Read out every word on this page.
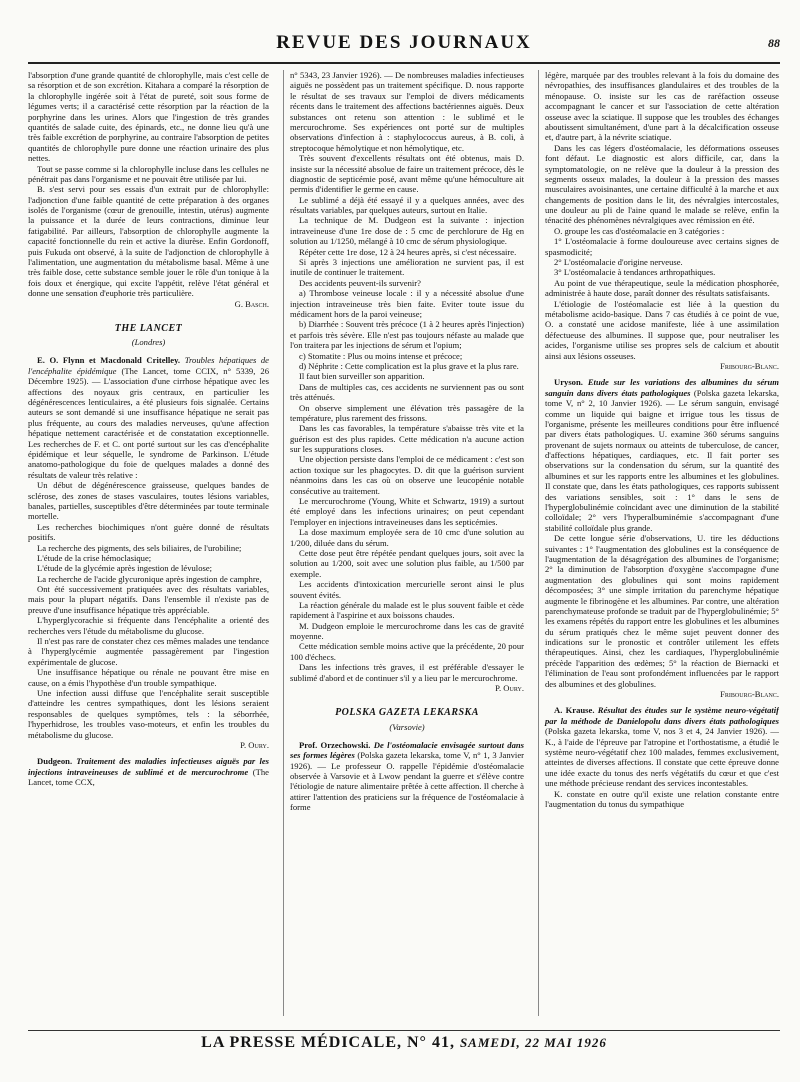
REVUE DES JOURNAUX	88

l'absorption d'une grande quantité de chlorophylle, mais c'est celle de sa résorption et de son excrétion. Kitahara a comparé la résorption de la chlorophylle ingérée soit à l'état de pureté, soit sous forme de légumes verts; il a caractérisé cette résorption par la réaction de la porphyrine dans les urines. Alors que l'ingestion de très grandes quantités de salade cuite, des épinards, etc., ne donne lieu qu'à une très faible excrétion de porphyrine, au contraire l'absorption de petites quantités de chlorophylle pure donne une réaction urinaire des plus nettes.

Tout se passe comme si la chlorophylle incluse dans les cellules ne pénétrait pas dans l'organisme et ne pouvait être utilisée par lui.

B. s'est servi pour ses essais d'un extrait pur de chlorophylle: l'adjonction d'une faible quantité de cette préparation à des organes isolés de l'organisme (cœur de grenouille, intestin, utérus) augmente la puissance et la durée de leurs contractions, diminue leur fatigabilité. Par ailleurs, l'absorption de chlorophylle augmente la capacité fonctionnelle du rein et active la diurèse. Enfin Gordonoff, puis Fukuda ont observé, à la suite de l'adjonction de chlorophylle à l'alimentation, une augmentation du métabolisme basal. Même à une très faible dose, cette substance semble jouer le rôle d'un tonique à la fois doux et énergique, qui excite l'appétit, relève l'état général et donne une sensation d'euphorie très particulière.

G. Basch.
THE LANCET
(Londres)

E. O. Flynn et Macdonald Critelley. Troubles hépatiques de l'encéphalite épidémique (The Lancet, tome CCIX, n° 5339, 26 Décembre 1925). — L'association d'une cirrhose hépatique avec les affections des noyaux gris centraux, en particulier les dégénérescences lenticulaires, a été plusieurs fois signalée. Certains auteurs se sont demandé si une insuffisance hépatique ne serait pas plus fréquente, au cours des maladies nerveuses, qu'une affection hépatique nettement caractérisée et de constatation exceptionnelle. Les recherches de F. et C. ont porté surtout sur les cas d'encéphalite épidémique et leur séquelle, le syndrome de Parkinson. L'étude anatomo-pathologique du foie de quelques malades a donné des résultats de valeur très relative :

Un début de dégénérescence graisseuse, quelques bandes de sclérose, des zones de stases vasculaires, toutes lésions variables, banales, partielles, susceptibles d'être déterminées par toute terminale mortelle.

Les recherches biochimiques n'ont guère donné de résultats positifs.

La recherche des pigments, des sels biliaires, de l'urobiline;

L'étude de la crise hémoclasique;

L'étude de la glycémie après ingestion de lévulose;

La recherche de l'acide glycuronique après ingestion de camphre,

Ont été successivement pratiquées avec des résultats variables, mais pour la plupart négatifs. Dans l'ensemble il n'existe pas de preuve d'une insuffisance hépatique très appréciable.

L'hyperglycorachie si fréquente dans l'encéphalite a orienté des recherches vers l'étude du métabolisme du glucose.

Il n'est pas rare de constater chez ces mêmes malades une tendance à l'hyperglycémie augmentée passagèrement par l'ingestion expérimentale de glucose.

Une insuffisance hépatique ou rénale ne pouvant être mise en cause, on a émis l'hypothèse d'un trouble sympathique.

Une infection aussi diffuse que l'encéphalite serait susceptible d'atteindre les centres sympathiques, dont les lésions seraient responsables de quelques symptômes, tels : la séborrhée, l'hyperhidrose, les troubles vaso-moteurs, et enfin les troubles du métabolisme du glucose.

P. Oury.

Dudgeon. Traitement des maladies infectieuses aiguës par les injections intraveineuses de sublimé et de mercurochrome (The Lancet, tome CCX,

n° 5343, 23 Janvier 1926). — De nombreuses maladies infectieuses aiguës ne possèdent pas un traitement spécifique. D. nous rapporte le résultat de ses travaux sur l'emploi de divers médicaments récents dans le traitement des affections bactériennes aiguës. Deux substances ont retenu son attention : le sublimé et le mercurochrome. Ses expériences ont porté sur de multiples observations d'infection à : staphylococcus aureus, à B. coli, à streptocoque hémolytique et non hémolytique, etc.

Très souvent d'excellents résultats ont été obtenus, mais D. insiste sur la nécessité absolue de faire un traitement précoce, dès le diagnostic de septicémie posé, avant même qu'une hémoculture ait permis d'identifier le germe en cause.

Le sublimé a déjà été essayé il y a quelques années, avec des résultats variables, par quelques auteurs, surtout en Italie.

La technique de M. Dudgeon est la suivante : injection intraveineuse d'une 1re dose de : 5 cmc de perchlorure de Hg en solution au 1/1250, mélangé à 10 cmc de sérum physiologique.

Répéter cette 1re dose, 12 à 24 heures après, si c'est nécessaire.

Si après 3 injections une amélioration ne survient pas, il est inutile de continuer le traitement.

Des accidents peuvent-ils survenir?

a) Thrombose veineuse locale : il y a nécessité absolue d'une injection intraveineuse très bien faite. Eviter toute issue du médicament hors de la paroi veineuse;

b) Diarrhée : Souvent très précoce (1 à 2 heures après l'injection) et parfois très sévère. Elle n'est pas toujours néfaste au malade que l'on traitera par les injections de sérum et l'opium;

c) Stomatite : Plus ou moins intense et précoce;

d) Néphrite : Cette complication est la plus grave et la plus rare.

Il faut bien surveiller son apparition.

Dans de multiples cas, ces accidents ne surviennent pas ou sont très atténués.

On observe simplement une élévation très passagère de la température, plus rarement des frissons.

Dans les cas favorables, la température s'abaisse très vite et la guérison est des plus rapides. Cette médication n'a aucune action sur les suppurations closes.

Une objection persiste dans l'emploi de ce médicament : c'est son action toxique sur les phagocytes. D. dit que la guérison survient néanmoins dans les cas où on observe une leucopénie notable consécutive au traitement.

Le mercurochrome (Young, White et Schwartz, 1919) a surtout été employé dans les infections urinaires; on peut cependant l'employer en injections intraveineuses dans les septicémies.

La dose maximum employée sera de 10 cmc d'une solution au 1/200, diluée dans du sérum.

Cette dose peut être répétée pendant quelques jours, soit avec la solution au 1/200, soit avec une solution plus faible, au 1/500 par exemple.

Les accidents d'intoxication mercurielle seront ainsi le plus souvent évités.

La réaction générale du malade est le plus souvent faible et cède rapidement à l'aspirine et aux boissons chaudes.

M. Dudgeon emploie le mercurochrome dans les cas de gravité moyenne.

Cette médication semble moins active que la précédente, 20 pour 100 d'échecs.

Dans les infections très graves, il est préférable d'essayer le sublimé d'abord et de continuer s'il y a lieu par le mercurochrome.

P. Oury.
POLSKA GAZETA LEKARSKA
(Varsovie)

Prof. Orzechowski. De l'ostéomalacie envisagée surtout dans ses formes légères (Polska gazeta lekarska, tome V, n° 1, 3 Janvier 1926). — Le professeur O. rappelle l'épidémie d'ostéomalacie observée à Varsovie et à Lwow pendant la guerre et s'élève contre l'étiologie de nature alimentaire prêtée à cette affection. Il cherche à attirer l'attention des praticiens sur la fréquence de l'ostéomalacie à forme

légère, marquée par des troubles relevant à la fois du domaine des névropathies, des insuffisances glandulaires et des troubles de la ménopause. O. insiste sur les cas de raréfaction osseuse accompagnant le cancer et sur l'association de cette altération osseuse avec la sciatique. Il suppose que les troubles des échanges aboutissent simultanément, d'une part à la décalcification osseuse et, d'autre part, à la névrite sciatique.

Dans les cas légers d'ostéomalacie, les déformations osseuses font défaut. Le diagnostic est alors difficile, car, dans la symptomatologie, on ne relève que la douleur à la pression des segments osseux malades, la douleur à la pression des masses musculaires avoisinantes, une certaine difficulté à la marche et aux changements de position dans le lit, des névralgies intercostales, une douleur au pli de l'aine quand le malade se relève, enfin la ténacité des phénomènes névralgiques avec rémission en été.

O. groupe les cas d'ostéomalacie en 3 catégories :

1° L'ostéomalacie à forme douloureuse avec certains signes de spasmodicité;

2° L'ostéomalacie d'origine nerveuse.

3° L'ostéomalacie à tendances arthropathiques.

Au point de vue thérapeutique, seule la médication phosphorée, administrée à haute dose, paraît donner des résultats satisfaisants.

L'étiologie de l'ostéomalacie est liée à la question du métabolisme acido-basique. Dans 7 cas étudiés à ce point de vue, O. a constaté une acidose manifeste, liée à une assimilation défectueuse des albumines. Il suppose que, pour neutraliser les acides, l'organisme utilise ses propres sels de calcium et aboutit ainsi aux lésions osseuses.

Fribourg-Blanc.

Uryson. Etude sur les variations des albumines du sérum sanguin dans divers états pathologiques (Polska gazeta lekarska, tome V, n° 2, 10 Janvier 1926). — Le sérum sanguin, envisagé comme un liquide qui baigne et irrigue tous les tissus de l'organisme, présente les meilleures conditions pour être influencé par divers états pathologiques. U. examine 360 sérums sanguins provenant de sujets normaux ou atteints de tuberculose, de cancer, d'affections hépatiques, cardiaques, etc. Il fait porter ses observations sur la condensation du sérum, sur la quantité des albumines et sur les rapports entre les albumines et les globulines. Il constate que, dans les états pathologiques, ces rapports subissent des variations sensibles, soit : 1° dans le sens de l'hyperglobulinémie coïncidant avec une diminution de la stabilité colloïdale; 2° vers l'hyperalbuminémie s'accompagnant d'une stabilité colloïdale plus grande.

De cette longue série d'observations, U. tire les déductions suivantes : 1° l'augmentation des globulines est la conséquence de l'augmentation de la désagrégation des albumines de l'organisme; 2° la diminution de l'absorption d'oxygène s'accompagne d'une augmentation des globulines qui sont moins rapidement décomposées; 3° une simple irritation du parenchyme hépatique augmente le fibrinogène et les albumines. Par contre, une altération parenchymateuse profonde se traduit par de l'hyperglobulinémie; 5° les examens répétés du rapport entre les globulines et les albumines du sérum pratiqués chez le même sujet peuvent donner des indications sur le pronostic et contrôler utilement les effets thérapeutiques. Ainsi, chez les cardiaques, l'hyperglobulinémie précède l'apparition des œdèmes; 5° la réaction de Biernacki et l'élimination de l'eau sont profondément influencées par le rapport des albumines et des globulines.

Fribourg-Blanc.

A. Krause. Résultat des études sur le système neuro-végétatif par la méthode de Danielopolu dans divers états pathologiques (Polska gazeta lekarska, tome V, nos 3 et 4, 24 Janvier 1926). — K., à l'aide de l'épreuve par l'atropine et l'orthostatisme, a étudié le système neuro-végétatif chez 100 malades, femmes exclusivement, atteintes de diverses affections. Il constate que cette épreuve donne une idée exacte du tonus des nerfs végétatifs du cœur et que c'est une méthode précieuse rendant des services incontestables.

K. constate en outre qu'il existe une relation constante entre l'augmentation du tonus du sympathique

LA PRESSE MÉDICALE, N° 41, SAMEDI, 22 MAI 1926
